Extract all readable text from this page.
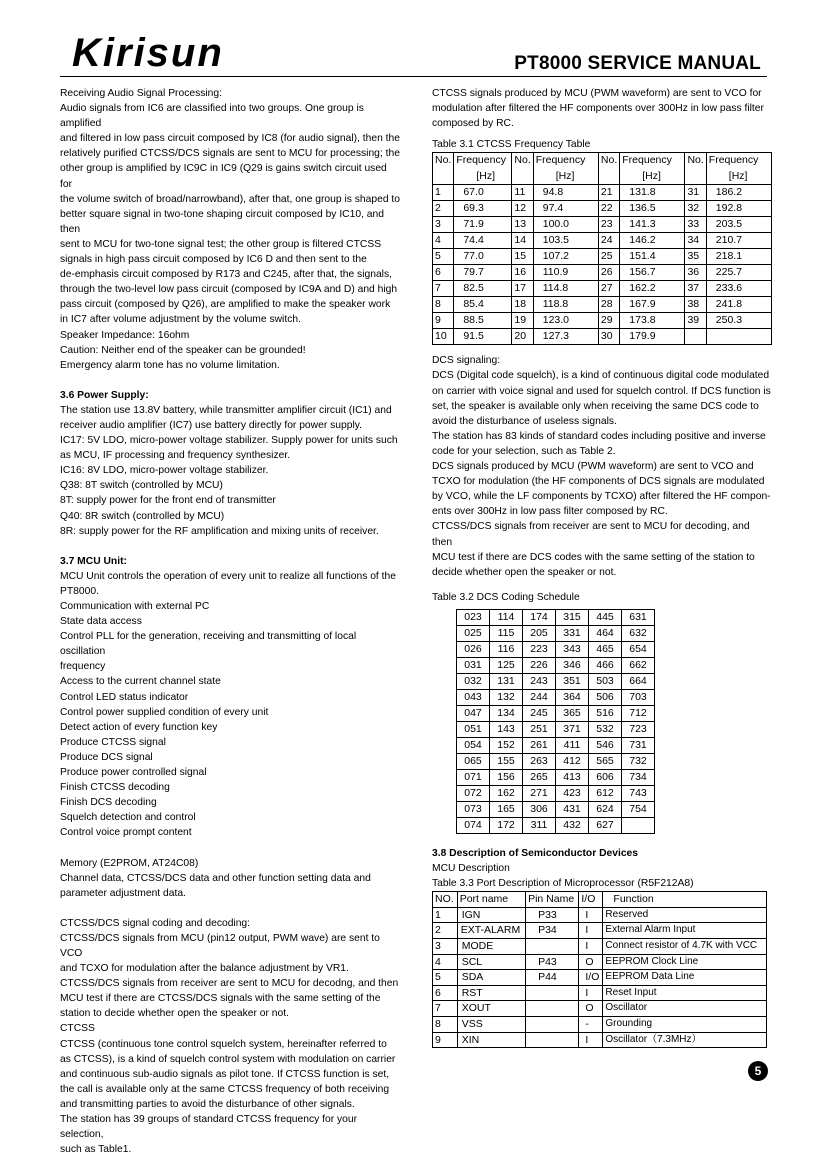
Kirisun	PT8000 SERVICE MANUAL

Receiving Audio Signal Processing:

Audio signals from IC6 are classified into two groups. One group is amplified

and filtered in low pass circuit composed by IC8 (for audio signal), then the

relatively purified CTCSS/DCS signals are sent to MCU for processing; the

other group is amplified by IC9C in IC9 (Q29 is gains switch circuit used for

the volume switch of broad/narrowband), after that, one group is shaped to

better square signal in two-tone shaping circuit composed by IC10, and then

sent to MCU for two-tone signal test; the other group is filtered CTCSS

signals in high pass circuit composed by IC6 D and then sent to the

de-emphasis circuit composed by R173 and C245, after that, the signals,

through the two-level low pass circuit (composed by IC9A and D) and high

pass circuit (composed by Q26), are amplified to make the speaker work

in IC7 after volume adjustment by the volume switch.

Speaker Impedance: 16ohm

Caution: Neither end of the speaker can be grounded!

Emergency alarm tone has no volume limitation.

3.6 Power Supply:

The station use 13.8V battery, while transmitter amplifier circuit (IC1) and

receiver audio amplifier (IC7) use battery directly for power supply.

IC17: 5V LDO, micro-power voltage stabilizer. Supply power for units such

as MCU, IF processing and frequency synthesizer.

IC16: 8V LDO, micro-power voltage stabilizer.

Q38: 8T switch (controlled by MCU)

8T: supply power for the front end of transmitter

Q40: 8R switch (controlled by MCU)

8R: supply power for the RF amplification and mixing units of receiver.

3.7 MCU Unit:

MCU Unit controls the operation of every unit to realize all functions of the

PT8000.

Communication with external PC

State data access

Control PLL for the generation, receiving and transmitting of local oscillation

frequency

Access to the current channel state

Control LED status indicator

Control power supplied condition of every unit

Detect action of every function key

Produce CTCSS signal

Produce DCS signal

Produce power controlled signal

Finish CTCSS decoding

Finish DCS decoding

Squelch detection and control

Control voice prompt content

Memory (E2PROM, AT24C08)

Channel data, CTCSS/DCS data and other function setting data and

parameter adjustment data.

CTCSS/DCS signal coding and decoding:

CTCSS/DCS signals from MCU (pin12 output, PWM wave) are sent to VCO

and TCXO for modulation after the balance adjustment by VR1.

CTCSS/DCS signals from receiver are sent to MCU for decodng, and then

MCU test if there are CTCSS/DCS signals with the same setting of the

station to decide whether open the speaker or not.

CTCSS

CTCSS (continuous tone control squelch system, hereinafter referred to

as CTCSS), is a kind of squelch control system with modulation on carrier

and continuous sub-audio signals as pilot tone. If CTCSS function is set,

the call is available only at the same CTCSS frequency of both receiving

and transmitting parties to avoid the disturbance of other signals.

The station has 39 groups of standard CTCSS frequency for your selection,

such as Table1.

CTCSS signals produced by MCU (PWM waveform) are sent to VCO for

modulation after filtered the HF components over 300Hz in low pass filter

composed by RC.

Table 3.1 CTCSS Frequency Table

No.	Frequency
[Hz]	No.	Frequency
[Hz]	No.	Frequency
[Hz]	No.	Frequency
[Hz]
1	67.0	11	94.8	21	131.8	31	186.2
2	69.3	12	97.4	22	136.5	32	192.8
3	71.9	13	100.0	23	141.3	33	203.5
4	74.4	14	103.5	24	146.2	34	210.7
5	77.0	15	107.2	25	151.4	35	218.1
6	79.7	16	110.9	26	156.7	36	225.7
7	82.5	17	114.8	27	162.2	37	233.6
8	85.4	18	118.8	28	167.9	38	241.8
9	88.5	19	123.0	29	173.8	39	250.3
10	91.5	20	127.3	30	179.9		

DCS signaling:

DCS (Digital code squelch), is a kind of continuous digital code modulated

on carrier with voice signal and used for squelch control. If DCS function is

set, the speaker is available only when receiving the same DCS code to

avoid the disturbance of useless signals.

The station has 83 kinds of standard codes including positive and inverse

code for your selection, such as Table 2.

DCS signals produced by MCU (PWM waveform) are sent to VCO and

TCXO for modulation (the HF components of DCS signals are modulated

by VCO, while the LF components by TCXO) after filtered the HF compon-

ents over 300Hz in low pass filter composed by RC.

CTCSS/DCS signals from receiver are sent to MCU for decoding, and then

MCU test if there are DCS codes with the same setting of the station to

decide whether open the speaker or not.

Table 3.2 DCS Coding Schedule

023	114	174	315	445	631
025	115	205	331	464	632
026	116	223	343	465	654
031	125	226	346	466	662
032	131	243	351	503	664
043	132	244	364	506	703
047	134	245	365	516	712
051	143	251	371	532	723
054	152	261	411	546	731
065	155	263	412	565	732
071	156	265	413	606	734
072	162	271	423	612	743
073	165	306	431	624	754
074	172	311	432	627	

3.8 Description of Semiconductor Devices

MCU Description

Table 3.3 Port Description of Microprocessor (R5F212A8)

NO.	Port name	Pin Name	I/O	Function
1	IGN	P33	I	Reserved
2	EXT-ALARM	P34	I	External Alarm Input
3	MODE		I	Connect resistor of 4.7K with VCC
4	SCL	P43	O	EEPROM Clock Line
5	SDA	P44	I/O	EEPROM Data Line
6	RST		I	Reset Input
7	XOUT		O	Oscillator
8	VSS		-	Grounding
9	XIN		I	Oscillator（7.3MHz）
5
